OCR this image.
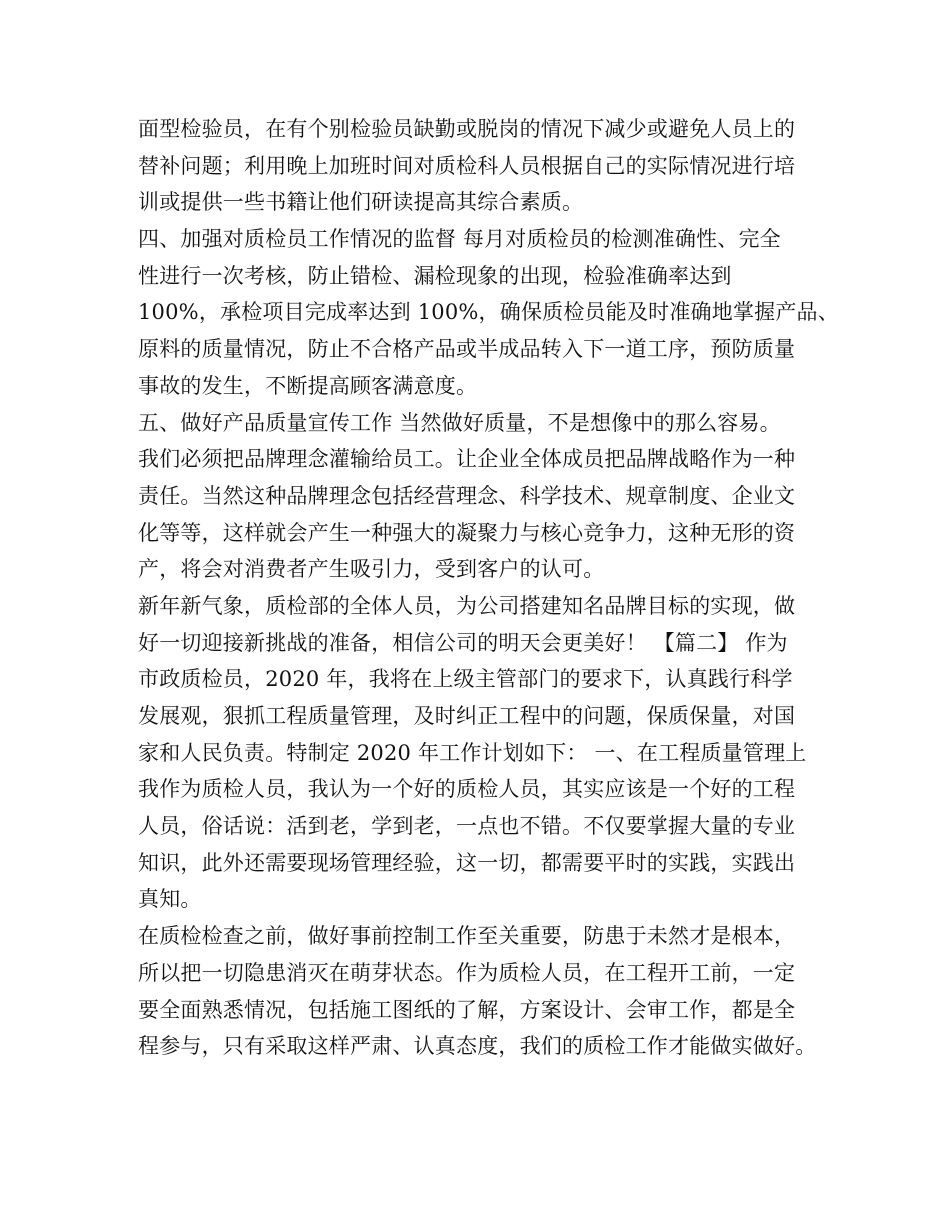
面型检验员，在有个别检验员缺勤或脱岗的情况下减少或避免人员上的
替补问题；利用晚上加班时间对质检科人员根据自己的实际情况进行培
训或提供一些书籍让他们研读提高其综合素质。
四、加强对质检员工作情况的监督 每月对质检员的检测准确性、完全
性进行一次考核，防止错检、漏检现象的出现，检验准确率达到
100%，承检项目完成率达到 100%，确保质检员能及时准确地掌握产品、
原料的质量情况，防止不合格产品或半成品转入下一道工序，预防质量
事故的发生，不断提高顾客满意度。
五、做好产品质量宣传工作 当然做好质量，不是想像中的那么容易。
我们必须把品牌理念灌输给员工。让企业全体成员把品牌战略作为一种
责任。当然这种品牌理念包括经营理念、科学技术、规章制度、企业文
化等等，这样就会产生一种强大的凝聚力与核心竞争力，这种无形的资
产，将会对消费者产生吸引力，受到客户的认可。
新年新气象，质检部的全体人员，为公司搭建知名品牌目标的实现，做
好一切迎接新挑战的准备，相信公司的明天会更美好！ 【篇二】 作为
市政质检员，2020 年，我将在上级主管部门的要求下，认真践行科学
发展观，狠抓工程质量管理，及时纠正工程中的问题，保质保量，对国
家和人民负责。特制定 2020 年工作计划如下： 一、在工程质量管理上
我作为质检人员，我认为一个好的质检人员，其实应该是一个好的工程
人员，俗话说：活到老，学到老，一点也不错。不仅要掌握大量的专业
知识，此外还需要现场管理经验，这一切，都需要平时的实践，实践出
真知。
在质检检查之前，做好事前控制工作至关重要，防患于未然才是根本，
所以把一切隐患消灭在萌芽状态。作为质检人员，在工程开工前，一定
要全面熟悉情况，包括施工图纸的了解，方案设计、会审工作，都是全
程参与，只有采取这样严肃、认真态度，我们的质检工作才能做实做好。
